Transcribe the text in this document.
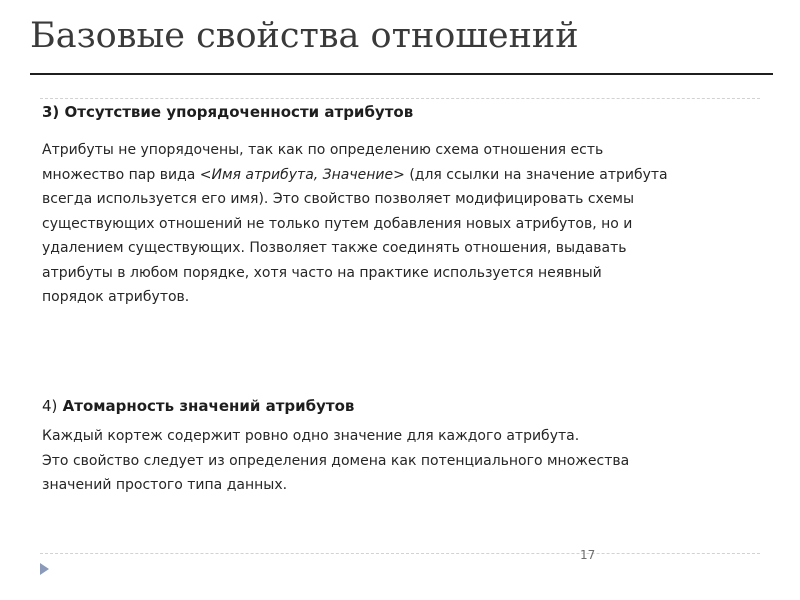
Базовые свойства отношений
3) Отсутствие упорядоченности атрибутов

Атрибуты не упорядочены, так как по определению схема отношения есть
множество пар вида <Имя атрибута, Значение> (для ссылки на значение атрибута
всегда используется его имя). Это свойство позволяет модифицировать схемы
существующих отношений не только путем добавления новых атрибутов, но и
удалением существующих. Позволяет также соединять отношения, выдавать
атрибуты в любом порядке, хотя часто на практике используется неявный
порядок атрибутов.

4) Атомарность значений атрибутов

Каждый кортеж содержит ровно одно значение для каждого атрибута.
Это свойство следует из определения домена как потенциального множества
значений простого типа данных.

17
